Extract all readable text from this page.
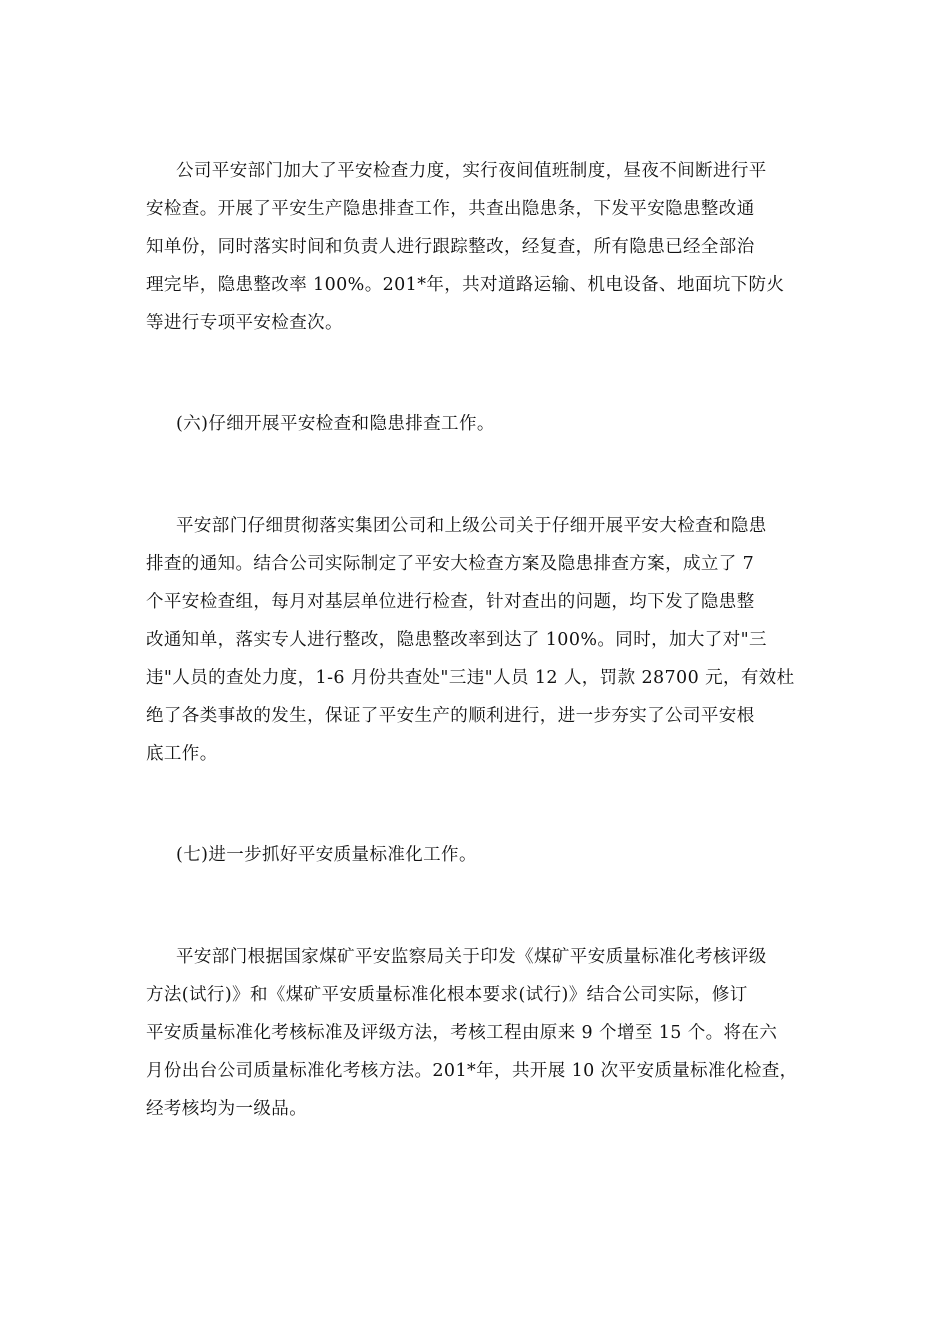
公司平安部门加大了平安检查力度，实行夜间值班制度，昼夜不间断进行平
安检查。开展了平安生产隐患排查工作，共查出隐患条，下发平安隐患整改通
知单份，同时落实时间和负责人进行跟踪整改，经复查，所有隐患已经全部治
理完毕，隐患整改率 100%。201*年，共对道路运输、机电设备、地面坑下防火
等进行专项平安检查次。
(六)仔细开展平安检查和隐患排查工作。
平安部门仔细贯彻落实集团公司和上级公司关于仔细开展平安大检查和隐患
排查的通知。结合公司实际制定了平安大检查方案及隐患排查方案，成立了 7
个平安检查组，每月对基层单位进行检查，针对查出的问题，均下发了隐患整
改通知单，落实专人进行整改，隐患整改率到达了 100%。同时，加大了对"三
违"人员的查处力度，1-6 月份共查处"三违"人员 12 人，罚款 28700 元，有效杜
绝了各类事故的发生，保证了平安生产的顺利进行，进一步夯实了公司平安根
底工作。
(七)进一步抓好平安质量标准化工作。
平安部门根据国家煤矿平安监察局关于印发《煤矿平安质量标准化考核评级
方法(试行)》和《煤矿平安质量标准化根本要求(试行)》结合公司实际，修订
平安质量标准化考核标准及评级方法，考核工程由原来 9 个增至 15 个。将在六
月份出台公司质量标准化考核方法。201*年，共开展 10 次平安质量标准化检查，
经考核均为一级品。
